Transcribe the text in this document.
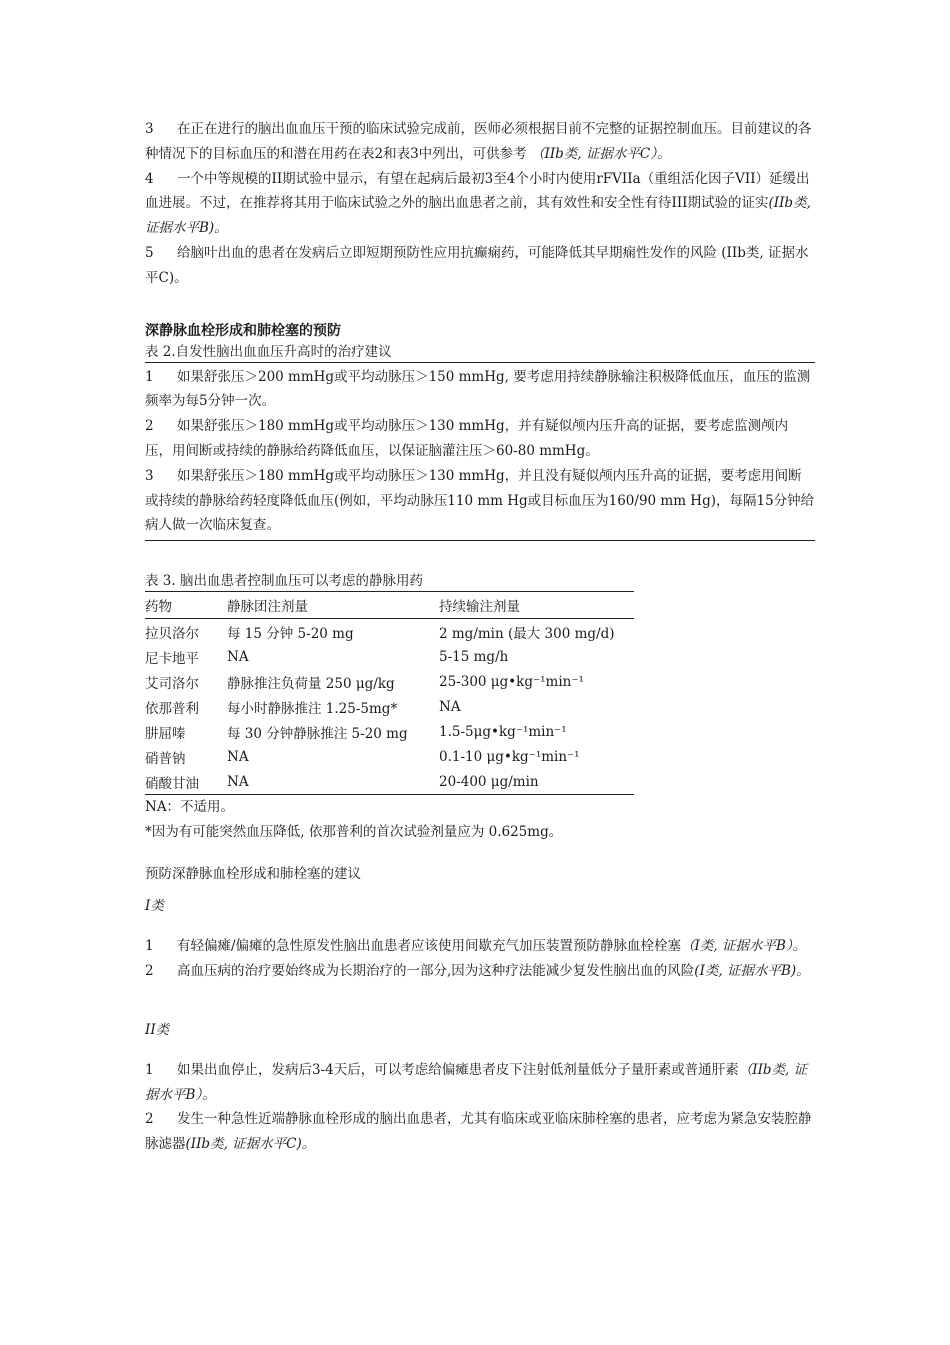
3 在正在进行的脑出血血压干预的临床试验完成前，医师必须根据目前不完整的证据控制血压。目前建议的各种情况下的目标血压的和潜在用药在表2和表3中列出，可供参考 （IIb类, 证据水平C）。

4 一个中等规模的II期试验中显示，有望在起病后最初3至4个小时内使用rFVIIa（重组活化因子VII）延缓出血进展。不过，在推荐将其用于临床试验之外的脑出血患者之前，其有效性和安全性有待III期试验的证实(IIb类, 证据水平B)。

5 给脑叶出血的患者在发病后立即短期预防性应用抗癫痫药，可能降低其早期痫性发作的风险 (IIb类, 证据水平C)。

深静脉血栓形成和肺栓塞的预防
表 2.自发性脑出血血压升高时的治疗建议

1 如果舒张压＞200 mmHg或平均动脉压＞150 mmHg, 要考虑用持续静脉输注积极降低血压，血压的监测频率为每5分钟一次。

2 如果舒张压＞180 mmHg或平均动脉压＞130 mmHg，并有疑似颅内压升高的证据，要考虑监测颅内压，用间断或持续的静脉给药降低血压，以保证脑灌注压＞60-80 mmHg。

3 如果舒张压＞180 mmHg或平均动脉压＞130 mmHg，并且没有疑似颅内压升高的证据，要考虑用间断或持续的静脉给药轻度降低血压(例如，平均动脉压110 mm Hg或目标血压为160/90 mm Hg)，每隔15分钟给病人做一次临床复查。

表 3. 脑出血患者控制血压可以考虑的静脉用药
药物	静脉团注剂量	持续输注剂量
拉贝洛尔	每 15 分钟 5-20 mg	2 mg/min (最大 300 mg/d)
尼卡地平	NA	5-15 mg/h
艾司洛尔	静脉推注负荷量 250 μg/kg	25-300 μg•kg⁻¹min⁻¹
依那普利	每小时静脉推注 1.25-5mg*	NA
肼屈嗪	每 30 分钟静脉推注 5-20 mg	1.5-5μg•kg⁻¹min⁻¹
硝普钠	NA	0.1-10 μg•kg⁻¹min⁻¹
硝酸甘油	NA	20-400 μg/min

NA：不适用。

*因为有可能突然血压降低, 依那普利的首次试验剂量应为 0.625mg。

预防深静脉血栓形成和肺栓塞的建议
I类

1 有轻偏瘫/偏瘫的急性原发性脑出血患者应该使用间歇充气加压装置预防静脉血栓栓塞（I类, 证据水平B）。

2 高血压病的治疗要始终成为长期治疗的一部分,因为这种疗法能减少复发性脑出血的风险(I类, 证据水平B)。

II类

1 如果出血停止，发病后3-4天后，可以考虑给偏瘫患者皮下注射低剂量低分子量肝素或普通肝素（IIb类, 证据水平B）。

2 发生一种急性近端静脉血栓形成的脑出血患者，尤其有临床或亚临床肺栓塞的患者，应考虑为紧急安装腔静脉滤器(IIb类, 证据水平C)。
